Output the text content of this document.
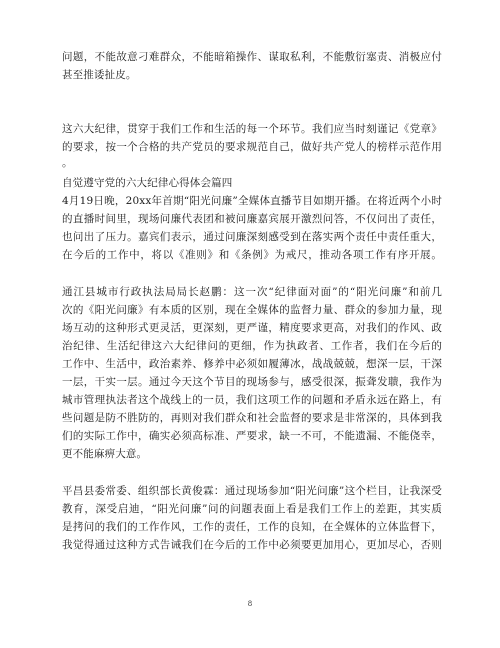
问题，不能故意刁难群众，不能暗箱操作、谋取私利，不能敷衍塞责、消极应付
甚至推诿扯皮。
这六大纪律，贯穿于我们工作和生活的每一个环节。我们应当时刻谨记《党章》
的要求，按一个合格的共产党员的要求规范自己，做好共产党人的榜样示范作用
。
自觉遵守党的六大纪律心得体会篇四
4月19日晚，20xx年首期“阳光问廉”全媒体直播节目如期开播。在将近两个小时
的直播时间里，现场问廉代表团和被问廉嘉宾展开激烈问答，不仅问出了责任，
也问出了压力。嘉宾们表示，通过问廉深刻感受到在落实两个责任中责任重大，
在今后的工作中，将以《准则》和《条例》为戒尺，推动各项工作有序开展。
通江县城市行政执法局局长赵鹏：这一次“纪律面对面”的“阳光问廉”和前几
次的《阳光问廉》有本质的区别，现在全媒体的监督力量、群众的参加力量，现
场互动的这种形式更灵活，更深刻，更严谨，精度要求更高，对我们的作风、政
治纪律、生活纪律这六大纪律问的更细，作为执政者、工作者，我们在今后的
工作中、生活中，政治素养、修养中必须如履薄冰，战战兢兢，想深一层，干深
一层，干实一层。通过今天这个节目的现场参与，感受很深，振聋发聩，我作为
城市管理执法者这个战线上的一员，我们这项工作的问题和矛盾永远在路上，有
些问题是防不胜防的，再则对我们群众和社会监督的要求是非常深的，具体到我
们的实际工作中，确实必须高标准、严要求，缺一不可，不能遗漏、不能侥幸，
更不能麻痹大意。
平昌县委常委、组织部长黄俊霖：通过现场参加“阳光问廉”这个栏目，让我深受
教育，深受启迪，“阳光问廉”问的问题表面上看是我们工作上的差距，其实质
是拷问的我们的工作作风，工作的责任，工作的良知，在全媒体的立体监督下，
我觉得通过这种方式告诫我们在今后的工作中必须要更加用心，更加尽心，否则
8
